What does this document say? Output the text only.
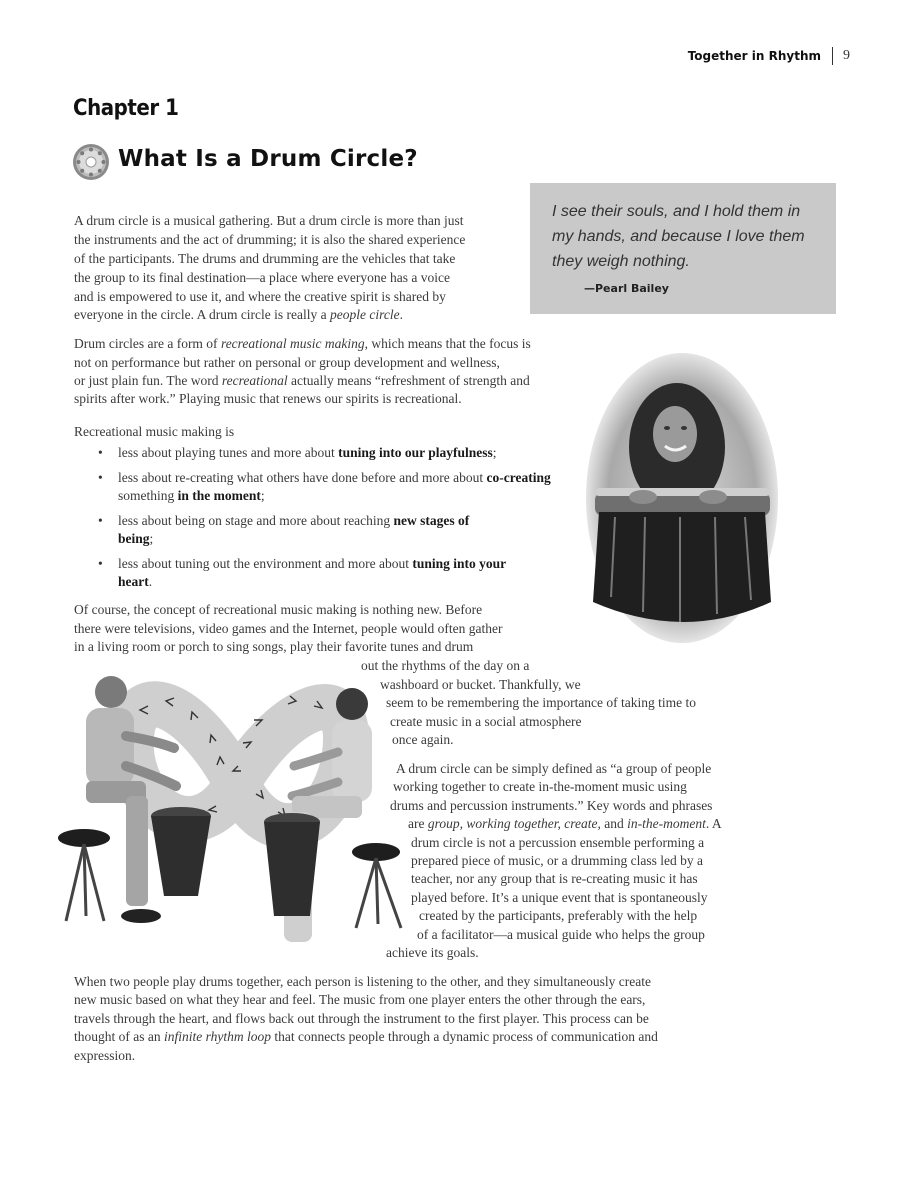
Together in Rhythm 9
Chapter 1
What Is a Drum Circle?

I see their souls, and I hold them in my hands, and because I love them they weigh nothing.

—Pearl Bailey

A drum circle is a musical gathering. But a drum circle is more than just

the instruments and the act of drumming; it is also the shared experience

of the participants. The drums and drumming are the vehicles that take

the group to its final destination—a place where everyone has a voice

and is empowered to use it, and where the creative spirit is shared by

everyone in the circle. A drum circle is really a people circle.

Drum circles are a form of recreational music making, which means that the focus is

not on performance but rather on personal or group development and wellness,

or just plain fun. The word recreational actually means “refreshment of strength and

spirits after work.” Playing music that renews our spirits is recreational.

Recreational music making is

• less about playing tunes and more about tuning into our playfulness;
• less about re-creating what others have done before and more about co-creating something in the moment;
• less about being on stage and more about reaching new stages of being;
• less about tuning out the environment and more about tuning into your heart.

Of course, the concept of recreational music making is nothing new. Before

there were televisions, video games and the Internet, people would often gather

in a living room or porch to sing songs, play their favorite tunes and drum

out the rhythms of the day on a

washboard or bucket. Thankfully, we

seem to be remembering the importance of taking time to

create music in a social atmosphere

once again.

A drum circle can be simply defined as “a group of people

working together to create in-the-moment music using

drums and percussion instruments.” Key words and phrases

are group, working together, create, and in-the-moment. A

drum circle is not a percussion ensemble performing a

prepared piece of music, or a drumming class led by a

teacher, nor any group that is re-creating music it has

played before. It’s a unique event that is spontaneously

created by the participants, preferably with the help

of a facilitator—a musical guide who helps the group

achieve its goals.

When two people play drums together, each person is listening to the other, and they simultaneously create

new music based on what they hear and feel. The music from one player enters the other through the ears,

travels through the heart, and flows back out through the instrument to the first player. This process can be

thought of as an infinite rhythm loop that connects people through a dynamic process of communication and

expression.
